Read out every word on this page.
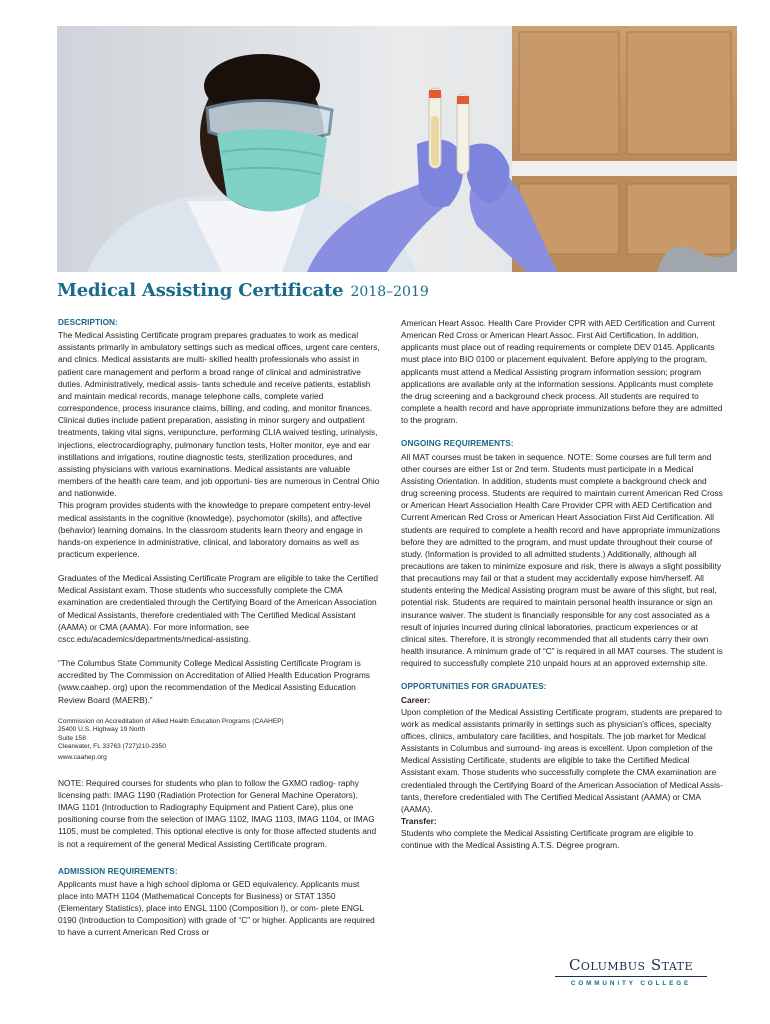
Medical Assisting Certificate 2018–2019
DESCRIPTION:
The Medical Assisting Certificate program prepares graduates to work as medical assistants primarily in ambulatory settings such as medical offices, urgent care centers, and clinics. Medical assistants are multi- skilled health professionals who assist in patient care management and perform a broad range of clinical and administrative duties. Administratively, medical assis- tants schedule and receive patients, establish and maintain medical records, manage telephone calls, complete varied correspondence, process insurance claims, billing, and coding, and monitor finances. Clinical duties include patient preparation, assisting in minor surgery and outpatient treatments, taking vital signs, venipuncture, performing CLIA waived testing, urinalysis, injections, electrocardiography, pulmonary function tests, Holter monitor, eye and ear instillations and irrigations, routine diagnostic tests, sterilization procedures, and assisting physicians with various examinations. Medical assistants are valuable members of the health care team, and job opportuni- ties are numerous in Central Ohio and nationwide.
This program provides students with the knowledge to prepare competent entry-level medical assistants in the cognitive (knowledge), psychomotor (skills), and affective (behavior) learning domains. In the classroom students learn theory and engage in hands-on experience in administrative, clinical, and laboratory domains as well as practicum experience.
Graduates of the Medical Assisting Certificate Program are eligible to take the Certified Medical Assistant exam. Those students who successfully complete the CMA examination are credentialed through the Certifying Board of the American Association of Medical Assistants, therefore credentialed with The Certified Medical Assistant (AAMA) or CMA (AAMA). For more information, see cscc.edu/academics/departments/medical-assisting.
“The Columbus State Community College Medical Assisting Certificate Program is accredited by The Commission on Accreditation of Allied Health Education Programs (www.caahep. org) upon the recommendation of the Medical Assisting Education Review Board (MAERB).”
Commission on Accreditation of Allied Health Education Programs (CAAHEP)
25400 U.S. Highway 19 North
Suite 158
Clearwater, FL 33763 (727)210-2350
www.caahep.org
NOTE: Required courses for students who plan to follow the GXMO radiog- raphy licensing path: IMAG 1190 (Radiation Protection for General Machine Operators), IMAG 1101 (Introduction to Radiography Equipment and Patient Care), plus one positioning course from the selection of IMAG 1102, IMAG 1103, IMAG 1104, or IMAG 1105, must be completed. This optional elective is only for those affected students and is not a requirement of the general Medical Assisting Certificate program.
ADMISSION REQUIREMENTS:
Applicants must have a high school diploma or GED equivalency. Applicants must place into MATH 1104 (Mathematical Concepts for Business) or STAT 1350 (Elementary Statistics), place into ENGL 1100 (Composition I), or com- plete ENGL 0190 (Introduction to Composition) with grade of “C” or higher. Applicants are required to have a current American Red Cross or
American Heart Assoc. Health Care Provider CPR with AED Certification and Current American Red Cross or American Heart Assoc. First Aid Certification. In addition, applicants must place out of reading requirements or complete DEV 0145. Applicants must place into BIO 0100 or placement equivalent. Before applying to the program, applicants must attend a Medical Assisting program information session; program applications are available only at the information sessions. Applicants must complete the drug screening and a background check process. All students are required to complete a health record and have appropriate immunizations before they are admitted to the program.
ONGOING REQUIREMENTS:
All MAT courses must be taken in sequence. NOTE: Some courses are full term and other courses are either 1st or 2nd term. Students must participate in a Medical Assisting Orientation. In addition, students must complete a background check and drug screening process. Students are required to maintain current American Red Cross or American Heart Association Health Care Provider CPR with AED Certification and Current American Red Cross or American Heart Association First Aid Certification. All students are required to complete a health record and have appropriate immunizations before they are admitted to the program, and must update throughout their course of study. (Information is provided to all admitted students.) Additionally, although all precautions are taken to minimize exposure and risk, there is always a slight possibility that precautions may fail or that a student may accidentally expose him/herself. All students entering the Medical Assisting program must be aware of this slight, but real, potential risk. Students are required to maintain personal health insurance or sign an insurance waiver. The student is financially responsible for any cost associated as a result of injuries incurred during clinical laboratories, practicum experiences or at clinical sites. Therefore, it is strongly recommended that all students carry their own health insurance. A minimum grade of “C” is required in all MAT courses. The student is required to successfully complete 210 unpaid hours at an approved externship site.
OPPORTUNITIES FOR GRADUATES:
Career:
Upon completion of the Medical Assisting Certificate program, students are prepared to work as medical assistants primarily in settings such as physician’s offices, specialty offices, clinics, ambulatory care facilities, and hospitals. The job market for Medical Assistants in Columbus and surround- ing areas is excellent. Upon completion of the Medical Assisting Certificate, students are eligible to take the Certified Medical Assistant exam. Those students who successfully complete the CMA examination are credentialed through the Certifying Board of the American Association of Medical Assis- tants, therefore credentialed with The Certified Medical Assistant (AAMA) or CMA (AAMA).
Transfer:
Students who complete the Medical Assisting Certificate program are eligible to continue with the Medical Assisting A.T.S. Degree program.
Columbus State
COMMUNITY COLLEGE
